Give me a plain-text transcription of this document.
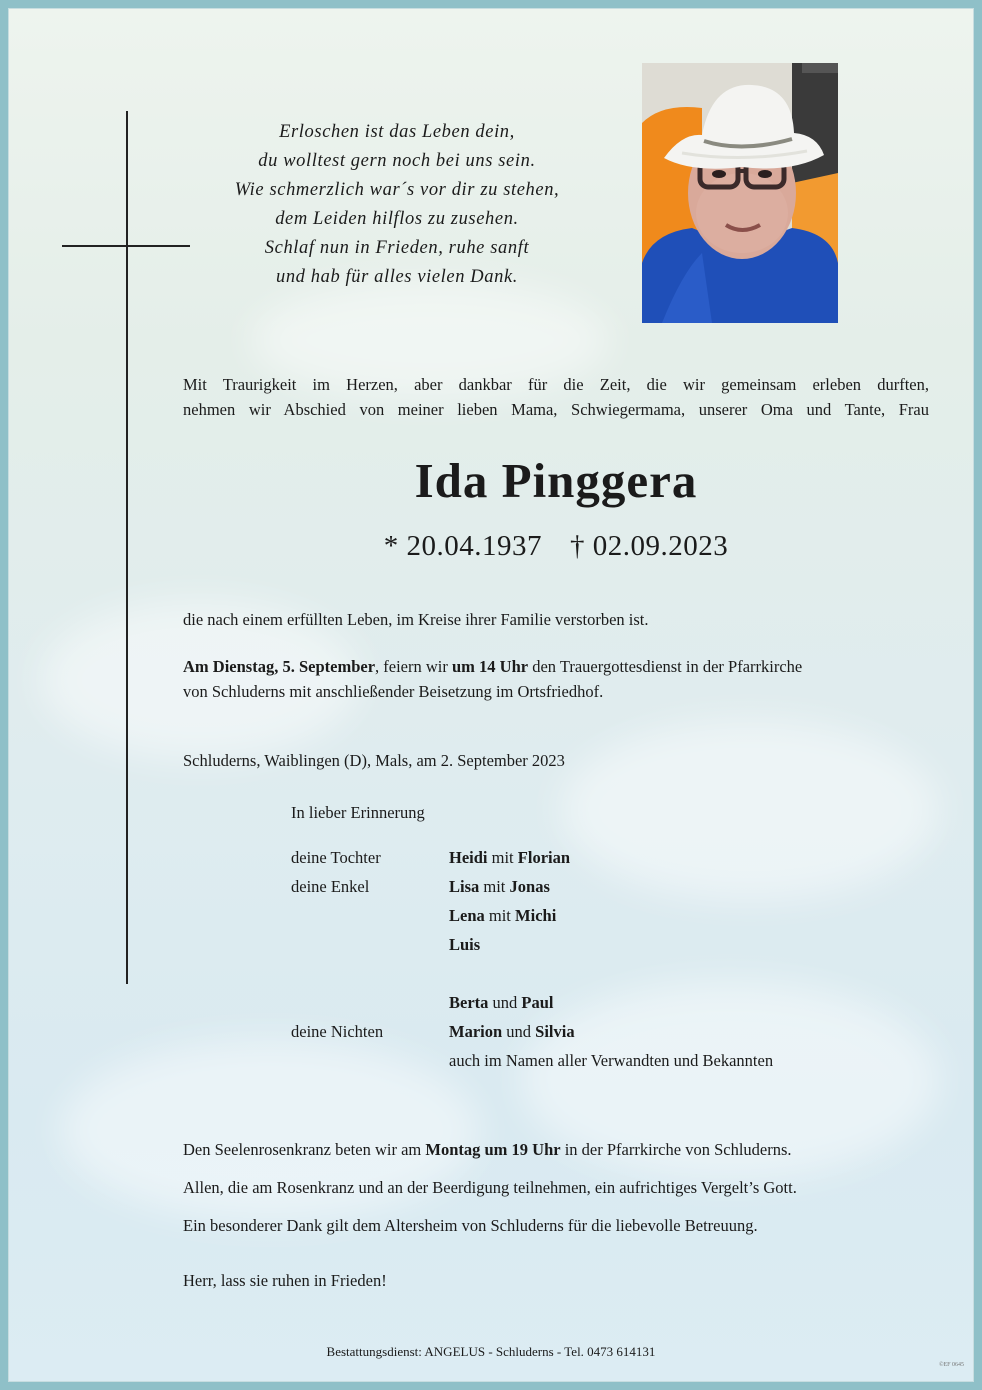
Erloschen ist das Leben dein,
du wolltest gern noch bei uns sein.
Wie schmerzlich war´s vor dir zu stehen,
dem Leiden hilflos zu zusehen.
Schlaf nun in Frieden, ruhe sanft
und hab für alles vielen Dank.
Mit Traurigkeit im Herzen, aber dankbar für die Zeit, die wir gemeinsam erleben durften,
nehmen wir Abschied von meiner lieben Mama, Schwiegermama, unserer Oma und Tante, Frau
Ida Pinggera
* 20.04.1937 † 02.09.2023
die nach einem erfüllten Leben, im Kreise ihrer Familie verstorben ist.
Am Dienstag, 5. September, feiern wir um 14 Uhr den Trauergottesdienst in der Pfarrkirche
von Schluderns mit anschließender Beisetzung im Ortsfriedhof.
Schluderns, Waiblingen (D), Mals, am 2. September 2023
In lieber Erinnerung
deine Tochter	Heidi mit Florian
deine Enkel	Lisa mit Jonas
Lena mit Michi
Luis
Berta und Paul
deine Nichten	Marion und Silvia
auch im Namen aller Verwandten und Bekannten
Den Seelenrosenkranz beten wir am Montag um 19 Uhr in der Pfarrkirche von Schluderns.
Allen, die am Rosenkranz und an der Beerdigung teilnehmen, ein aufrichtiges Vergelt’s Gott.
Ein besonderer Dank gilt dem Altersheim von Schluderns für die liebevolle Betreuung.
Herr, lass sie ruhen in Frieden!
Bestattungsdienst: ANGELUS - Schluderns - Tel. 0473 614131
©EF 0645
